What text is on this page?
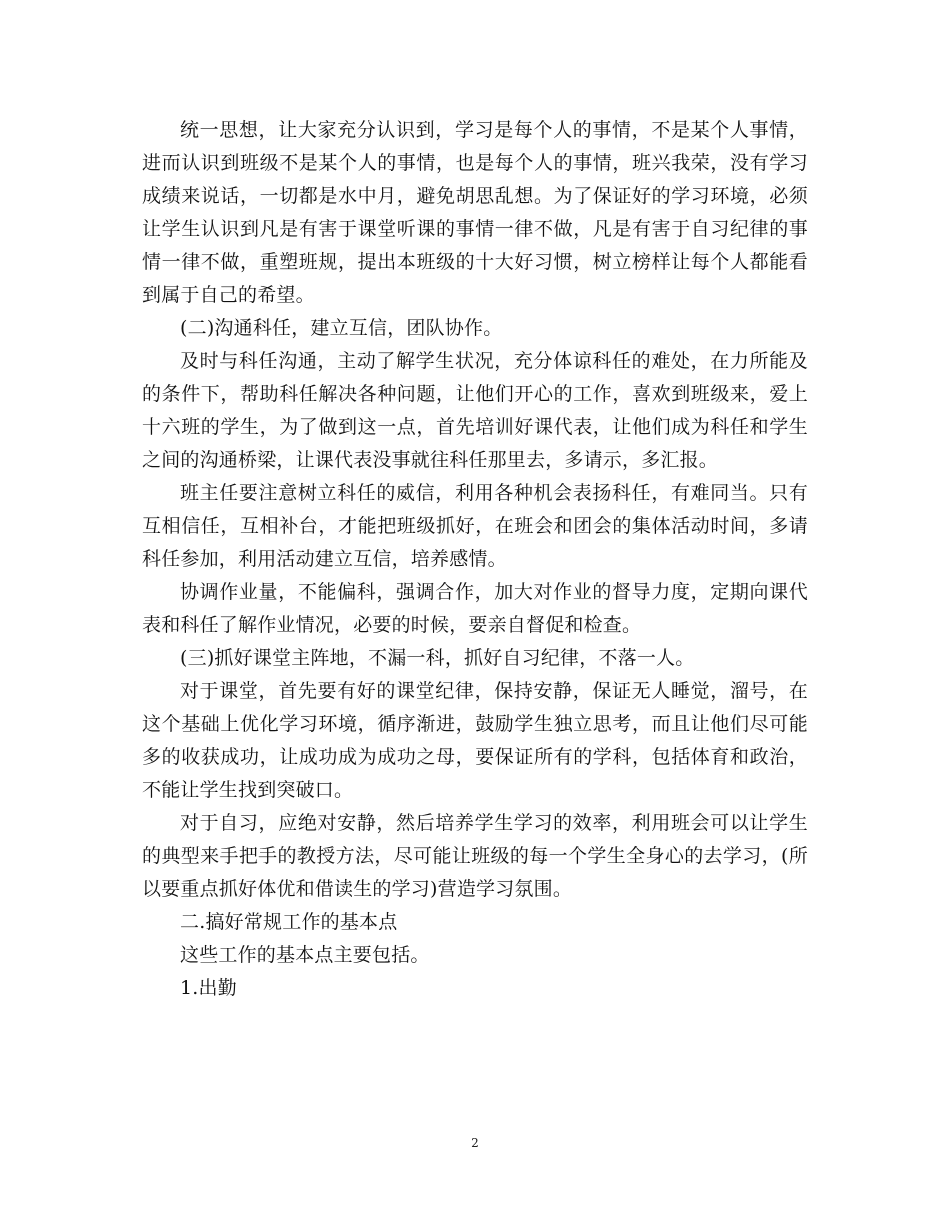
统一思想，让大家充分认识到，学习是每个人的事情，不是某个人事情，进而认识到班级不是某个人的事情，也是每个人的事情，班兴我荣，没有学习成绩来说话，一切都是水中月，避免胡思乱想。为了保证好的学习环境，必须让学生认识到凡是有害于课堂听课的事情一律不做，凡是有害于自习纪律的事情一律不做，重塑班规，提出本班级的十大好习惯，树立榜样让每个人都能看到属于自己的希望。

(二)沟通科任，建立互信，团队协作。

及时与科任沟通，主动了解学生状况，充分体谅科任的难处，在力所能及的条件下，帮助科任解决各种问题，让他们开心的工作，喜欢到班级来，爱上十六班的学生，为了做到这一点，首先培训好课代表，让他们成为科任和学生之间的沟通桥梁，让课代表没事就往科任那里去，多请示，多汇报。

班主任要注意树立科任的威信，利用各种机会表扬科任，有难同当。只有互相信任，互相补台，才能把班级抓好，在班会和团会的集体活动时间，多请科任参加，利用活动建立互信，培养感情。

协调作业量，不能偏科，强调合作，加大对作业的督导力度，定期向课代表和科任了解作业情况，必要的时候，要亲自督促和检查。

(三)抓好课堂主阵地，不漏一科，抓好自习纪律，不落一人。

对于课堂，首先要有好的课堂纪律，保持安静，保证无人睡觉，溜号，在这个基础上优化学习环境，循序渐进，鼓励学生独立思考，而且让他们尽可能多的收获成功，让成功成为成功之母，要保证所有的学科，包括体育和政治，不能让学生找到突破口。

对于自习，应绝对安静，然后培养学生学习的效率，利用班会可以让学生的典型来手把手的教授方法，尽可能让班级的每一个学生全身心的去学习，(所以要重点抓好体优和借读生的学习)营造学习氛围。

二.搞好常规工作的基本点

这些工作的基本点主要包括。

1.出勤

2
